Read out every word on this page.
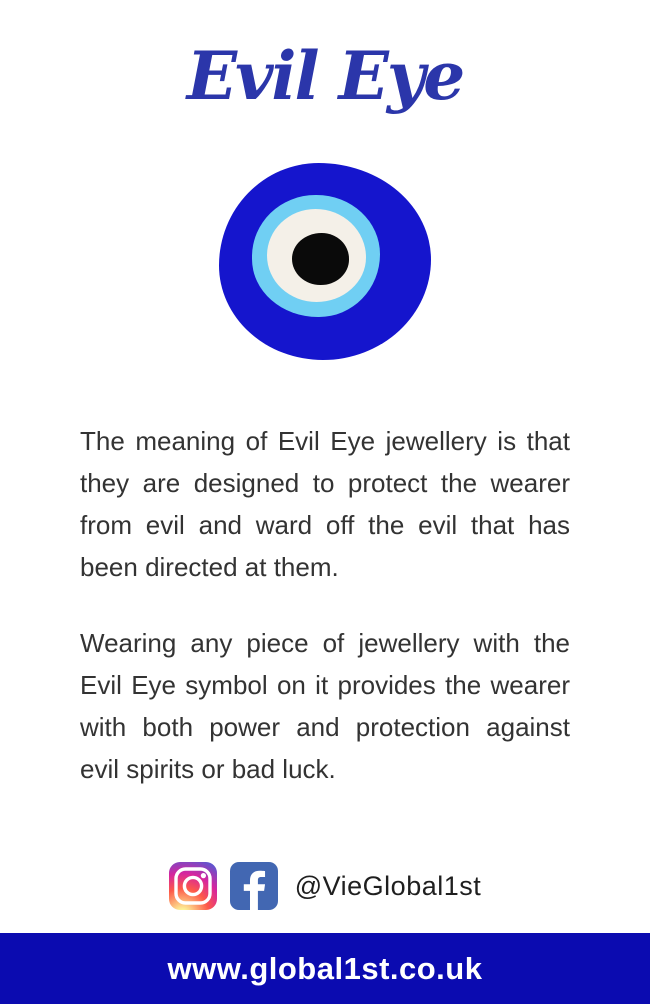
Evil Eye

The meaning of Evil Eye jewellery is that they are designed to protect the wearer from evil and ward off the evil that has been directed at them.

Wearing any piece of jewellery with the Evil Eye symbol on it provides the wearer with both power and protection against evil spirits or bad luck.

@VieGlobal1st
www.global1st.co.uk
